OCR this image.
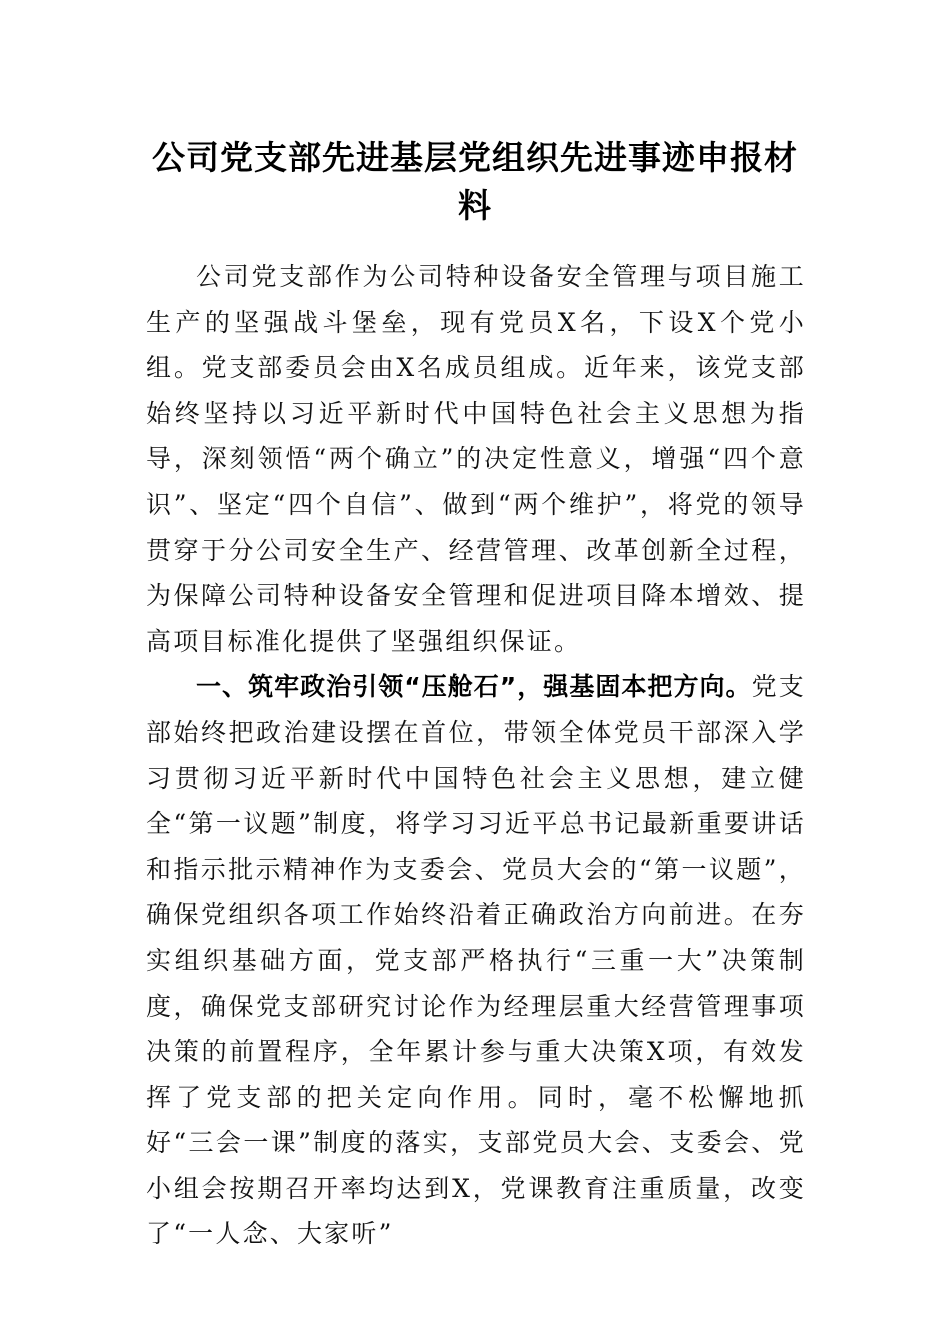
公司党支部先进基层党组织先进事迹申报材料

公司党支部作为公司特种设备安全管理与项目施工生产的坚强战斗堡垒，现有党员X名，下设X个党小组。党支部委员会由X名成员组成。近年来，该党支部始终坚持以习近平新时代中国特色社会主义思想为指导，深刻领悟“两个确立”的决定性意义，增强“四个意识”、坚定“四个自信”、做到“两个维护”，将党的领导贯穿于分公司安全生产、经营管理、改革创新全过程，为保障公司特种设备安全管理和促进项目降本增效、提高项目标准化提供了坚强组织保证。

一、筑牢政治引领“压舱石”，强基固本把方向。党支部始终把政治建设摆在首位，带领全体党员干部深入学习贯彻习近平新时代中国特色社会主义思想，建立健全“第一议题”制度，将学习习近平总书记最新重要讲话和指示批示精神作为支委会、党员大会的“第一议题”，确保党组织各项工作始终沿着正确政治方向前进。在夯实组织基础方面，党支部严格执行“三重一大”决策制度，确保党支部研究讨论作为经理层重大经营管理事项决策的前置程序，全年累计参与重大决策X项，有效发挥了党支部的把关定向作用。同时，毫不松懈地抓好“三会一课”制度的落实，支部党员大会、支委会、党小组会按期召开率均达到X，党课教育注重质量，改变了“一人念、大家听”
